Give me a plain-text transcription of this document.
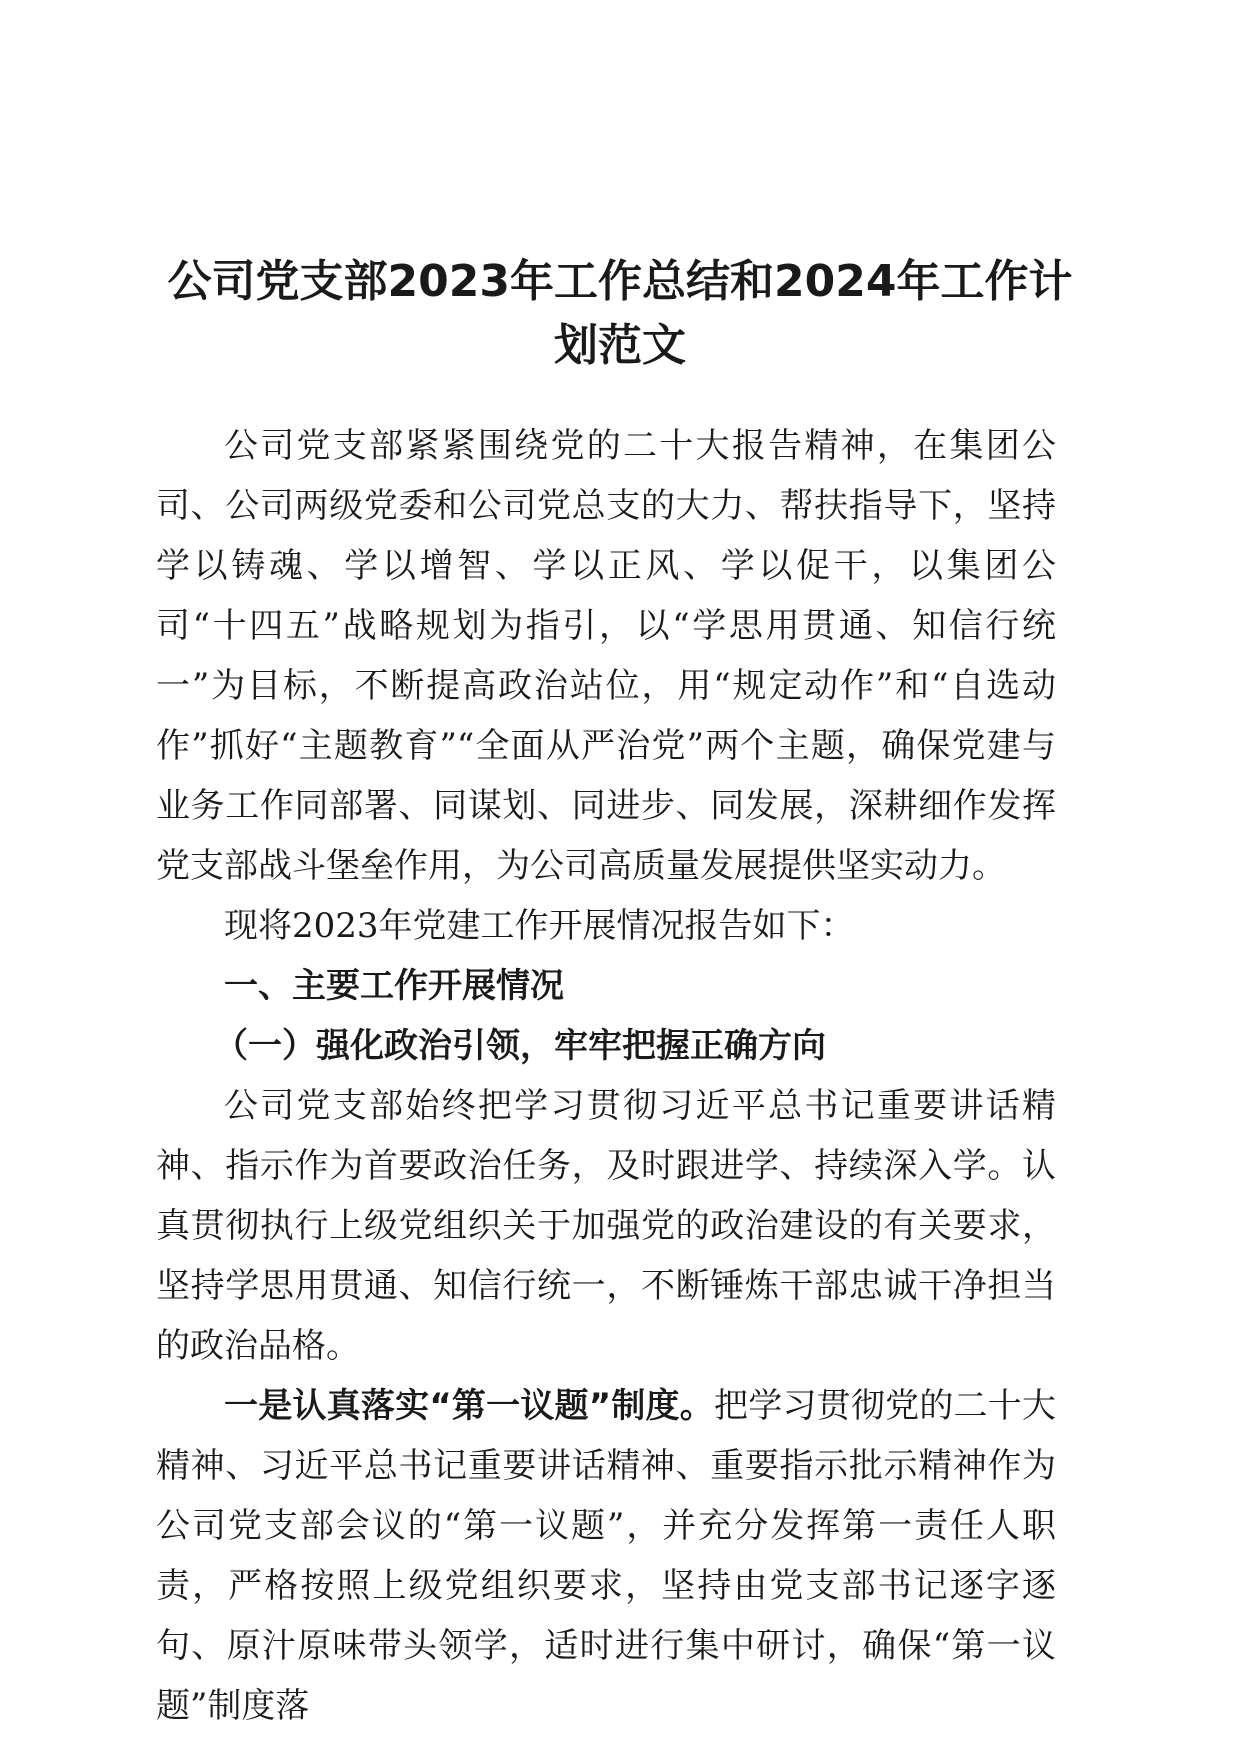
公司党支部2023年工作总结和2024年工作计划范文

公司党支部紧紧围绕党的二十大报告精神，在集团公司、公司两级党委和公司党总支的大力、帮扶指导下，坚持学以铸魂、学以增智、学以正风、学以促干，以集团公司“十四五”战略规划为指引，以“学思用贯通、知信行统一”为目标，不断提高政治站位，用“规定动作”和“自选动作”抓好“主题教育”“全面从严治党”两个主题，确保党建与业务工作同部署、同谋划、同进步、同发展，深耕细作发挥党支部战斗堡垒作用，为公司高质量发展提供坚实动力。

现将2023年党建工作开展情况报告如下：

一、主要工作开展情况

（一）强化政治引领，牢牢把握正确方向

公司党支部始终把学习贯彻习近平总书记重要讲话精神、指示作为首要政治任务，及时跟进学、持续深入学。认真贯彻执行上级党组织关于加强党的政治建设的有关要求，坚持学思用贯通、知信行统一，不断锤炼干部忠诚干净担当的政治品格。

一是认真落实“第一议题”制度。把学习贯彻党的二十大精神、习近平总书记重要讲话精神、重要指示批示精神作为公司党支部会议的“第一议题”，并充分发挥第一责任人职责，严格按照上级党组织要求，坚持由党支部书记逐字逐句、原汁原味带头领学，适时进行集中研讨，确保“第一议题”制度落
